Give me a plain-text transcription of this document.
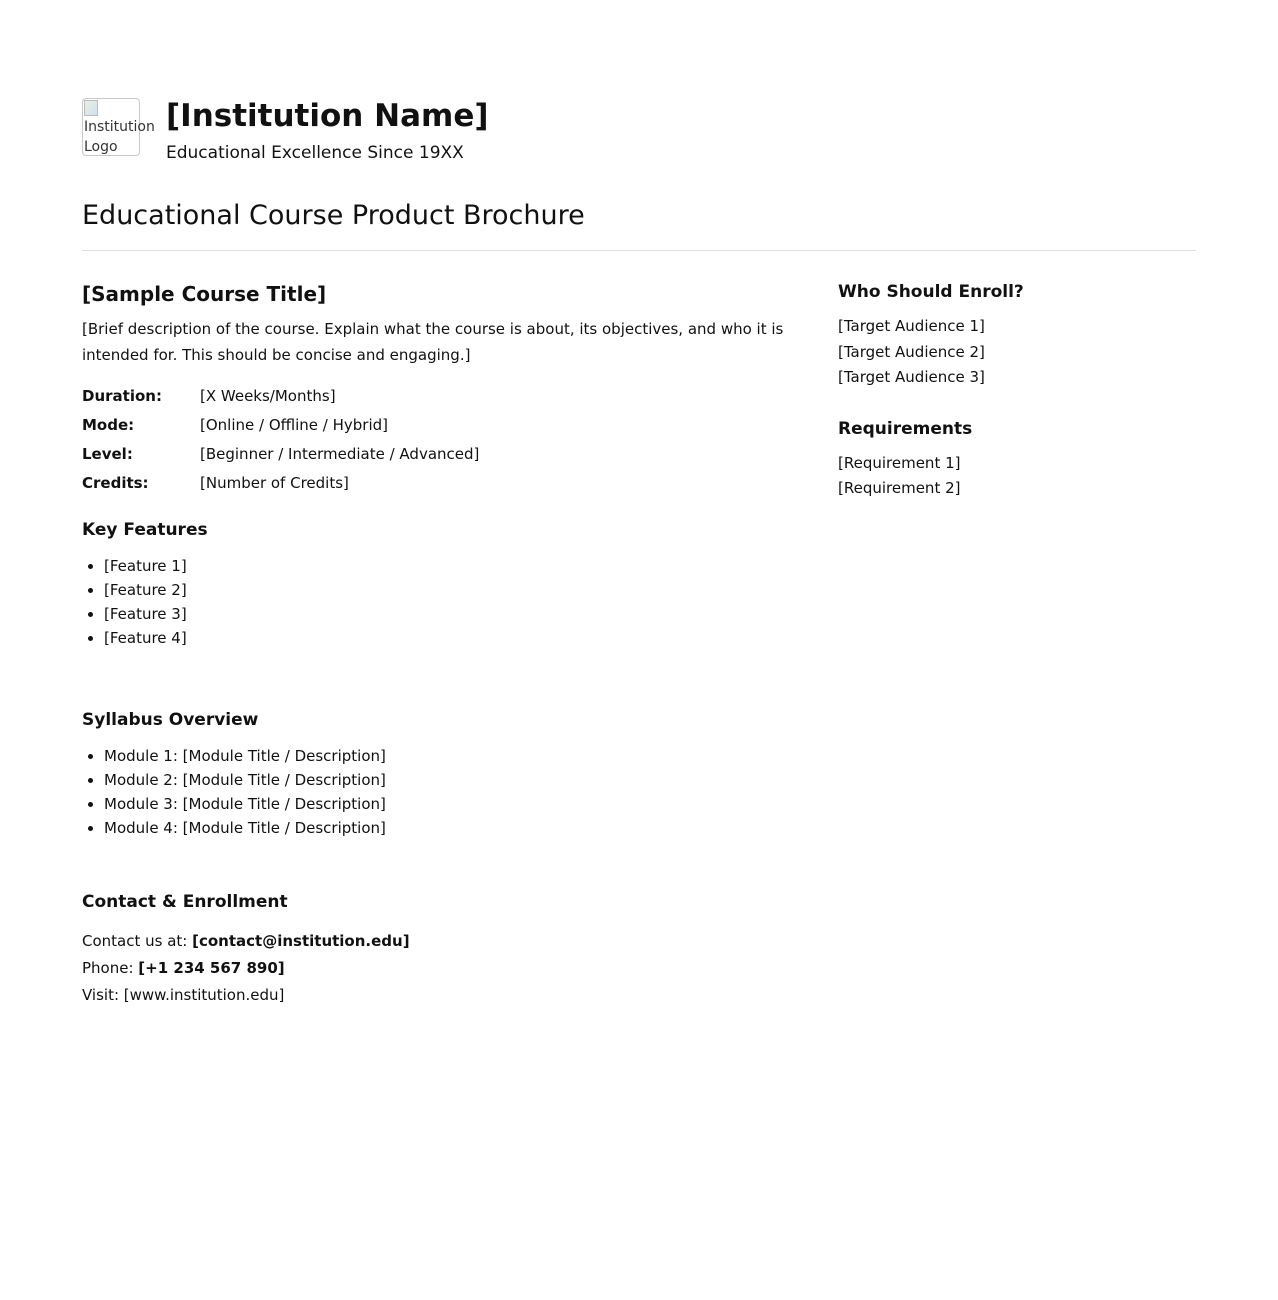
Institution Logo
[Institution Name]
Educational Excellence Since 19XX
Educational Course Product Brochure
[Sample Course Title]
[Brief description of the course. Explain what the course is about, its objectives, and who it is intended for. This should be concise and engaging.]
Duration:	[X Weeks/Months]
Mode:	[Online / Offline / Hybrid]
Level:	[Beginner / Intermediate / Advanced]
Credits:	[Number of Credits]
Key Features
• [Feature 1]
• [Feature 2]
• [Feature 3]
• [Feature 4]
Syllabus Overview
• Module 1: [Module Title / Description]
• Module 2: [Module Title / Description]
• Module 3: [Module Title / Description]
• Module 4: [Module Title / Description]
Contact & Enrollment
Contact us at: [contact@institution.edu]
Phone: [+1 234 567 890]
Visit: [www.institution.edu]
Who Should Enroll?
[Target Audience 1]
[Target Audience 2]
[Target Audience 3]
Requirements
[Requirement 1]
[Requirement 2]
